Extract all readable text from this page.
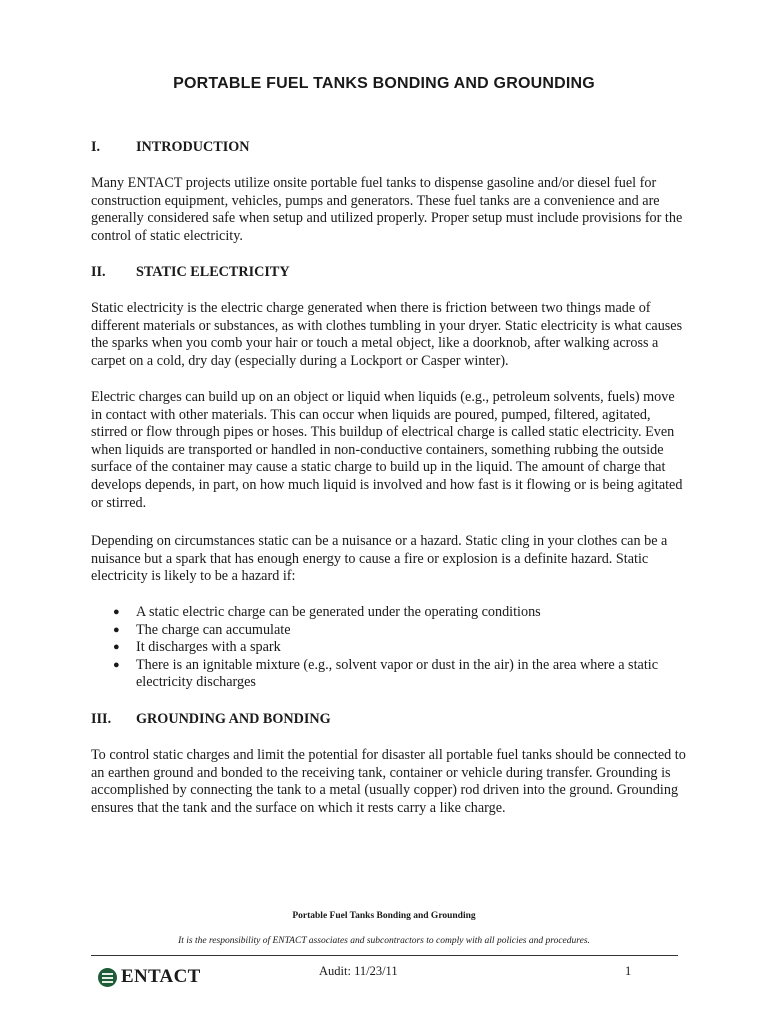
PORTABLE FUEL TANKS BONDING AND GROUNDING
I.	INTRODUCTION

Many ENTACT projects utilize onsite portable fuel tanks to dispense gasoline and/or diesel fuel for construction equipment, vehicles, pumps and generators. These fuel tanks are a convenience and are generally considered safe when setup and utilized properly. Proper setup must include provisions for the control of static electricity.

II. STATIC ELECTRICITY

Static electricity is the electric charge generated when there is friction between two things made of different materials or substances, as with clothes tumbling in your dryer. Static electricity is what causes the sparks when you comb your hair or touch a metal object, like a doorknob, after walking across a carpet on a cold, dry day (especially during a Lockport or Casper winter).

Electric charges can build up on an object or liquid when liquids (e.g., petroleum solvents, fuels) move in contact with other materials. This can occur when liquids are poured, pumped, filtered, agitated, stirred or flow through pipes or hoses. This buildup of electrical charge is called static electricity. Even when liquids are transported or handled in non-conductive containers, something rubbing the outside surface of the container may cause a static charge to build up in the liquid. The amount of charge that develops depends, in part, on how much liquid is involved and how fast is it flowing or is being agitated or stirred.

Depending on circumstances static can be a nuisance or a hazard. Static cling in your clothes can be a nuisance but a spark that has enough energy to cause a fire or explosion is a definite hazard. Static electricity is likely to be a hazard if:

● A static electric charge can be generated under the operating conditions
● The charge can accumulate
● It discharges with a spark
● There is an ignitable mixture (e.g., solvent vapor or dust in the air) in the area where a static electricity discharges
III. GROUNDING AND BONDING

To control static charges and limit the potential for disaster all portable fuel tanks should be connected to an earthen ground and bonded to the receiving tank, container or vehicle during transfer. Grounding is accomplished by connecting the tank to a metal (usually copper) rod driven into the ground. Grounding ensures that the tank and the surface on which it rests carry a like charge.

Portable Fuel Tanks Bonding and Grounding
It is the responsibility of ENTACT associates and subcontractors to comply with all policies and procedures.
ENTACT	Audit: 11/23/11	1
